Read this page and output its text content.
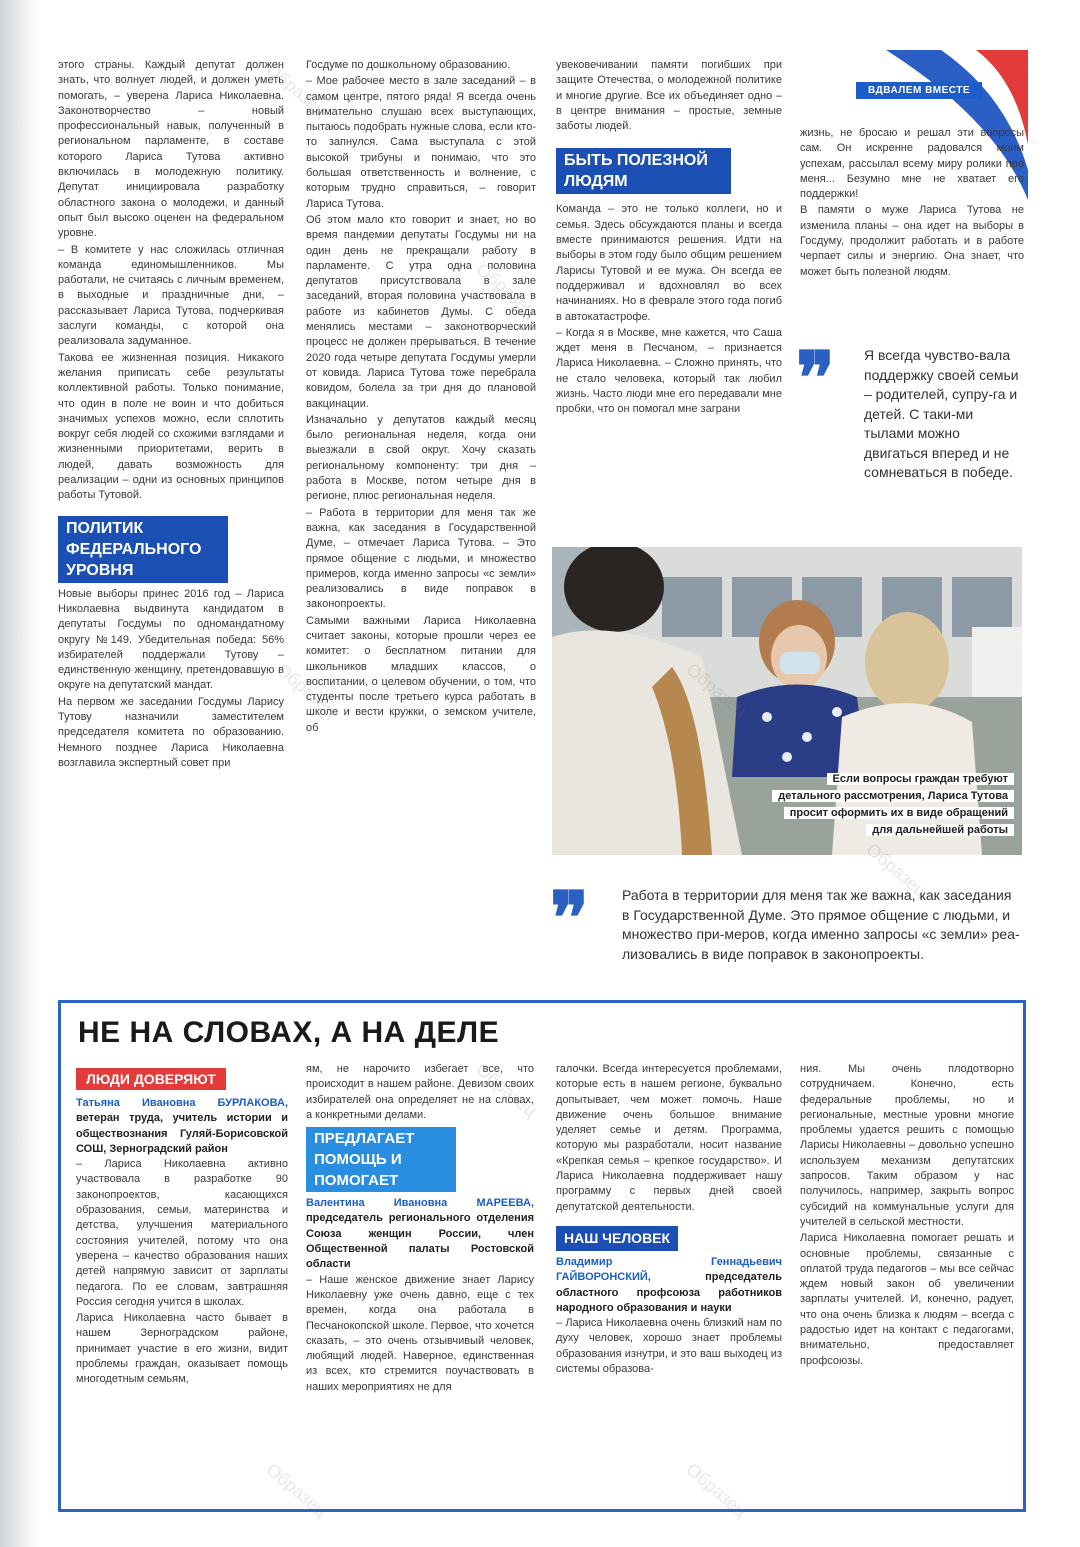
ВДВАЛЕМ ВМЕСТЕ

этого страны. Каждый депутат должен знать, что волнует людей, и должен уметь помогать, – уверена Лариса Николаевна. Законотворчество – новый профессиональный навык, полученный в региональном парламенте, в составе которого Лариса Тутова активно включилась в молодежную политику. Депутат инициировала разработку областного закона о молодежи, и данный опыт был высоко оценен на федеральном уровне.

– В комитете у нас сложилась отличная команда единомышленников. Мы работали, не считаясь с личным временем, в выходные и праздничные дни, – рассказывает Лариса Тутова, подчеркивая заслуги команды, с которой она реализовала задуманное.

Такова ее жизненная позиция. Никакого желания приписать себе результаты коллективной работы. Только понимание, что один в поле не воин и что добиться значимых успехов можно, если сплотить вокруг себя людей со схожими взглядами и жизненными приоритетами, верить в людей, давать возможность для реализации – одни из основных принципов работы Тутовой.

ПОЛИТИК ФЕДЕРАЛЬНОГО УРОВНЯ

Новые выборы принес 2016 год – Лариса Николаевна выдвинута кандидатом в депутаты Госдумы по одномандатному округу №149. Убедительная победа: 56% избирателей поддержали Тутову – единственную женщину, претендовавшую в округе на депутатский мандат.

На первом же заседании Госдумы Ларису Тутову назначили заместителем председателя комитета по образованию. Немного позднее Лариса Николаевна возглавила экспертный совет при

Госдуме по дошкольному образованию.

– Мое рабочее место в зале заседаний – в самом центре, пятого ряда! Я всегда очень внимательно слушаю всех выступающих, пытаюсь подобрать нужные слова, если кто-то запнулся. Сама выступала с этой высокой трибуны и понимаю, что это большая ответственность и волнение, с которым трудно справиться, – говорит Лариса Тутова.

Об этом мало кто говорит и знает, но во время пандемии депутаты Госдумы ни на один день не прекращали работу в парламенте. С утра одна половина депутатов присутствовала в зале заседаний, вторая половина участвовала в работе из кабинетов Думы. С обеда менялись местами – законотворческий процесс не должен прерываться. В течение 2020 года четыре депутата Госдумы умерли от ковида. Лариса Тутова тоже перебрала ковидом, болела за три дня до плановой вакцинации.

Изначально у депутатов каждый месяц было региональная неделя, когда они выезжали в свой округ. Хочу сказать региональному компоненту: три дня – работа в Москве, потом четыре дня в регионе, плюс региональная неделя.

– Работа в территории для меня так же важна, как заседания в Государственной Думе, – отмечает Лариса Тутова. – Это прямое общение с людьми, и множество примеров, когда именно запросы «с земли» реализовались в виде поправок в законопроекты.

Самыми важными Лариса Николаевна считает законы, которые прошли через ее комитет: о бесплатном питании для школьников младших классов, о воспитании, о целевом обучении, о том, что студенты после третьего курса работать в школе и вести кружки, о земском учителе, об

увековечивании памяти погибших при защите Отечества, о молодежной политике и многие другие. Все их объединяет одно – в центре внимания – простые, земные заботы людей.

БЫТЬ ПОЛЕЗНОЙ ЛЮДЯМ

Команда – это не только коллеги, но и семья. Здесь обсуждаются планы и всегда вместе принимаются решения. Идти на выборы в этом году было общим решением Ларисы Тутовой и ее мужа. Он всегда ее поддерживал и вдохновлял во всех начинаниях. Но в феврале этого года погиб в автокатастрофе.

– Когда я в Москве, мне кажется, что Саша ждет меня в Песчаном, – признается Лариса Николаевна. – Сложно принять, что не стало человека, который так любил жизнь. Часто люди мне его передавали мне пробки, что он помогал мне заграни

жизнь, не бросаю и решал эти вопросы сам. Он искренне радовался моим успехам, рассылал всему миру ролики про меня... Безумно мне не хватает его поддержки!

В памяти о муже Лариса Тутова не изменила планы – она идет на выборы в Госдуму, продолжит работать и в работе черпает силы и энергию. Она знает, что может быть полезной людям.

❞ Я всегда чувство-вала поддержку своей семьи – родителей, супру-га и детей. С таки-ми тылами можно двигаться вперед и не сомневаться в победе.
Если вопросы граждан требуют
детального рассмотрения, Лариса Тутова
просит оформить их в виде обращений
для дальнейшей работы
❞ Работа в территории для меня так же важна, как заседания в Государственной Думе. Это прямое общение с людьми, и множество при-меров, когда именно запросы «с земли» реа-лизовались в виде поправок в законопроекты.
НЕ НА СЛОВАХ, А НА ДЕЛЕ
ЛЮДИ ДОВЕРЯЮТ

Татьяна Ивановна БУРЛАКОВА, ветеран труда, учитель истории и обществознания Гуляй-Борисовской СОШ, Зерноградский район

– Лариса Николаевна активно участвовала в разработке 90 законопроектов, касающихся образования, семьи, материнства и детства, улучшения материального состояния учителей, потому что она уверена – качество образования наших детей напрямую зависит от зарплаты педагога. По ее словам, завтрашняя Россия сегодня учится в школах.

Лариса Николаевна часто бывает в нашем Зерноградском районе, принимает участие в его жизни, видит проблемы граждан, оказывает помощь многодетным семьям,

ям, не нарочито избегает все, что происходит в нашем районе. Девизом своих избирателей она определяет не на словах, а конкретными делами.

ПРЕДЛАГАЕТ ПОМОЩЬ И ПОМОГАЕТ

Валентина Ивановна МАРЕЕВА, председатель регионального отделения Союза женщин России, член Общественной палаты Ростовской области

– Наше женское движение знает Ларису Николаевну уже очень давно, еще с тех времен, когда она работала в Песчанокопской школе. Первое, что хочется сказать, – это очень отзывчивый человек, любящий людей. Наверное, единственная из всех, кто стремится поучаствовать в наших мероприятиях не для

галочки. Всегда интересуется проблемами, которые есть в нашем регионе, буквально допытывает, чем может помочь. Наше движение очень большое внимание уделяет семье и детям. Программа, которую мы разработали, носит название «Крепкая семья – крепкое государство». И Лариса Николаевна поддерживает нашу программу с первых дней своей депутатской деятельности.

НАШ ЧЕЛОВЕК

Владимир Геннадьевич ГАЙВОРОНСКИЙ,	председатель областного профсоюза работников народного образования и науки

– Лариса Николаевна очень близкий нам по духу человек, хорошо знает проблемы образования изнутри, и это ваш выходец из системы образова-

ния. Мы очень плодотворно сотрудничаем. Конечно, есть федеральные проблемы, но и региональные, местные уровни многие проблемы удается решить с помощью Ларисы Николаевны – довольно успешно используем механизм депутатских запросов. Таким образом у нас получилось, например, закрыть вопрос субсидий на коммунальные услуги для учителей в сельской местности.

Лариса Николаевна помогает решать и основные проблемы, связанные с оплатой труда педагогов – мы все сейчас ждем новый закон об увеличении зарплаты учителей. И, конечно, радует, что она очень близка к людям – всегда с радостью идет на контакт с педагогами, внимательно, предоставляет профсоюзы.

Образец
Образец
Образец
Образец
Образец
Образец	Образец
